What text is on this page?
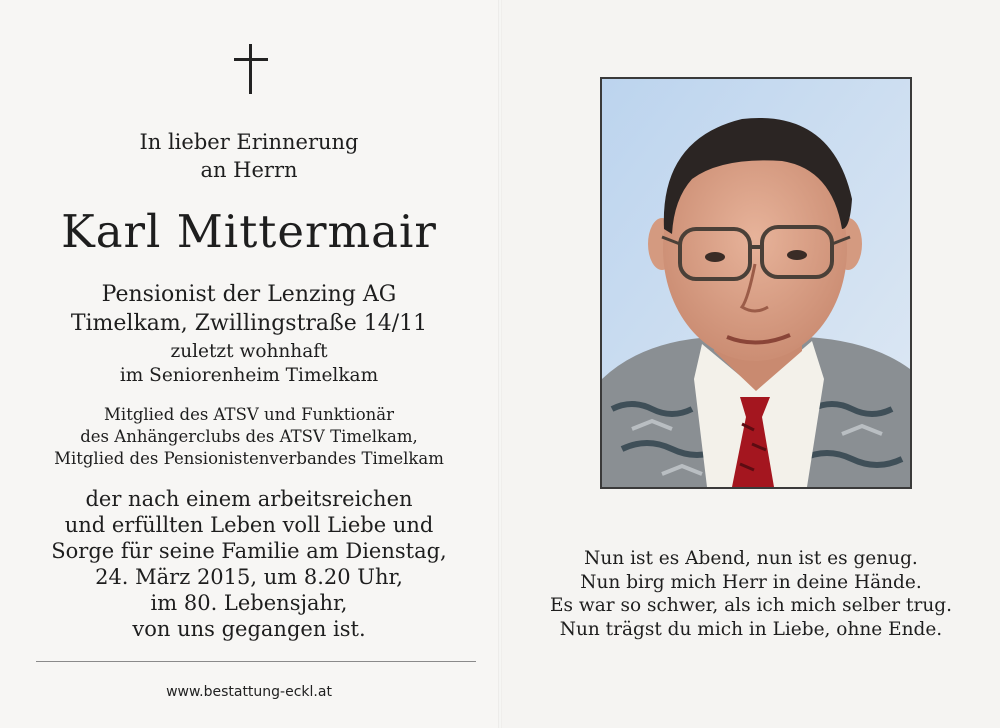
In lieber Erinnerung
an Herrn
Karl Mittermair
Pensionist der Lenzing AG
Timelkam, Zwillingstraße 14/11
zuletzt wohnhaft
im Seniorenheim Timelkam
Mitglied des ATSV und Funktionär
des Anhängerclubs des ATSV Timelkam,
Mitglied des Pensionistenverbandes Timelkam
der nach einem arbeitsreichen
und erfüllten Leben voll Liebe und
Sorge für seine Familie am Dienstag,
24. März 2015, um 8.20 Uhr,
im 80. Lebensjahr,
von uns gegangen ist.
www.bestattung-eckl.at
Nun ist es Abend, nun ist es genug.
Nun birg mich Herr in deine Hände.
Es war so schwer, als ich mich selber trug.
Nun trägst du mich in Liebe, ohne Ende.
